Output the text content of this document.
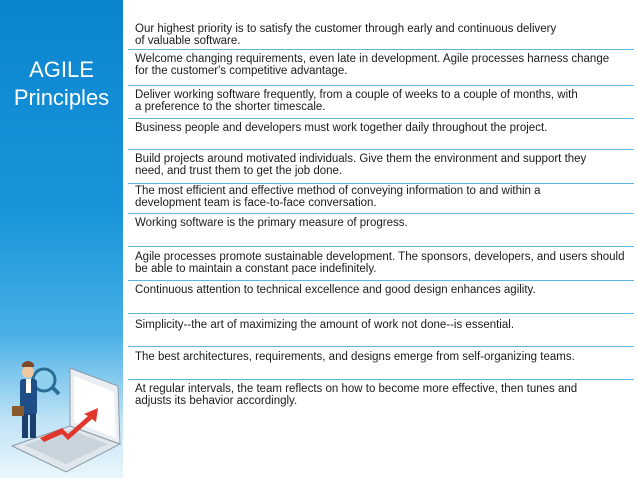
AGILE
Principles
Our highest priority is to satisfy the customer through early and continuous delivery
of valuable software.
Welcome changing requirements, even late in development. Agile processes harness change
for the customer's competitive advantage.
Deliver working software frequently, from a couple of weeks to a couple of months, with
a preference to the shorter timescale.
Business people and developers must work together daily throughout the project.
Build projects around motivated individuals. Give them the environment and support they
need, and trust them to get the job done.
The most efficient and effective method of conveying information to and within a
development team is face-to-face conversation.
Working software is the primary measure of progress.
Agile processes promote sustainable development. The sponsors, developers, and users should
be able to maintain a constant pace indefinitely.
Continuous attention to technical excellence and good design enhances agility.
Simplicity--the art of maximizing the amount of work not done--is essential.
The best architectures, requirements, and designs emerge from self-organizing teams.
At regular intervals, the team reflects on how to become more effective, then tunes and
adjusts its behavior accordingly.
